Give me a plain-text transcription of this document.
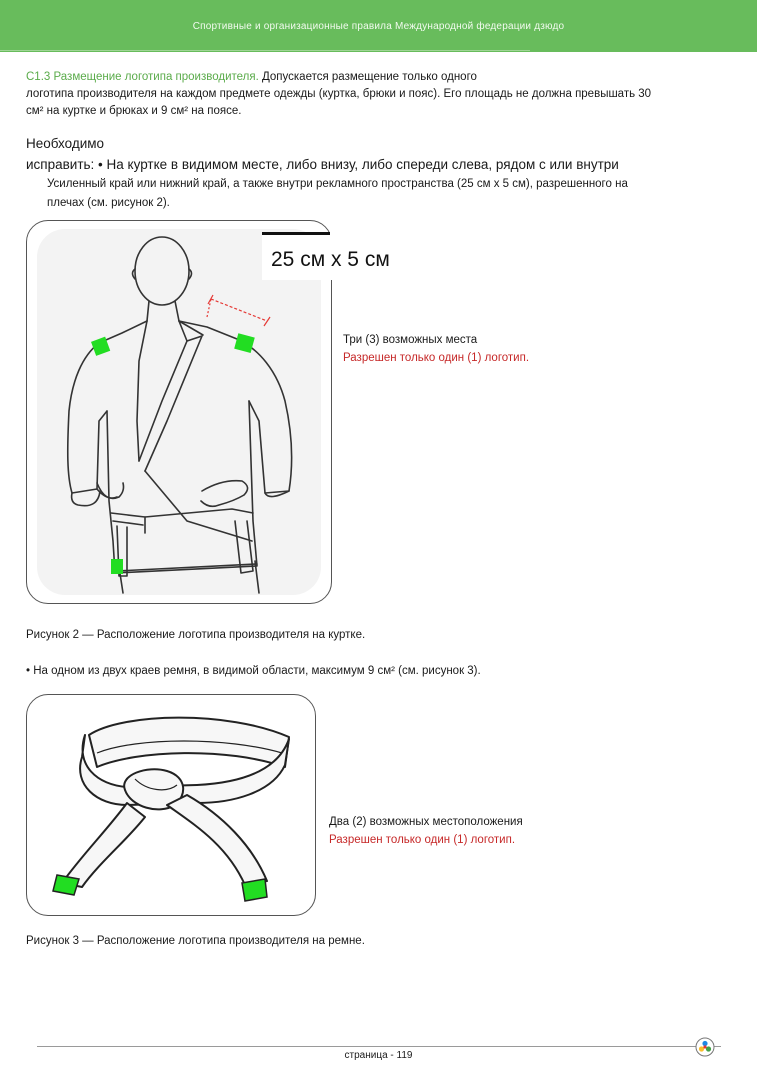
Спортивные и организационные правила Международной федерации дзюдо
C1.3 Размещение логотипа производителя. Допускается размещение только одного
логотипа производителя на каждом предмете одежды (куртка, брюки и пояс). Его площадь не должна превышать 30
см² на куртке и брюках и 9 см² на поясе.
Необходимо
исправить: • На куртке в видимом месте, либо внизу, либо спереди слева, рядом с или внутри
Усиленный край или нижний край, а также внутри рекламного пространства (25 см x 5 см), разрешенного на
плечах (см. рисунок 2).
25 см x 5 см
Три (3) возможных места
Разрешен только один (1) логотип.
Рисунок 2 — Расположение логотипа производителя на куртке.
• На одном из двух краев ремня, в видимой области, максимум 9 см² (см. рисунок 3).
Два (2) возможных местоположения
Разрешен только один (1) логотип.
Рисунок 3 — Расположение логотипа производителя на ремне.
страница - 119
